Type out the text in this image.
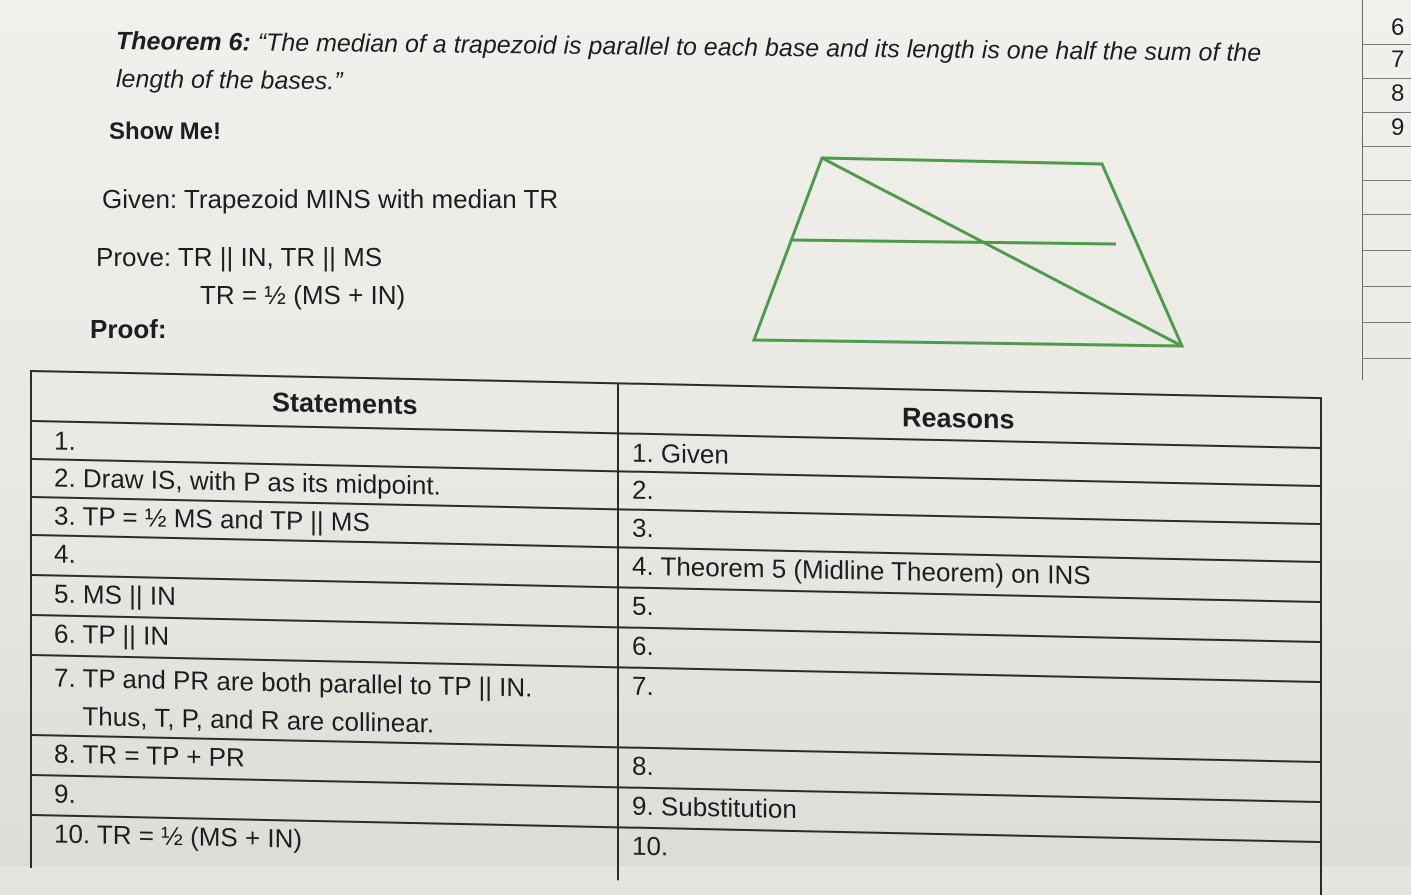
Theorem 6: “The median of a trapezoid is parallel to each base and its length is one half the sum of the length of the bases.”
Show Me!
Given: Trapezoid MINS with median TR
Prove: TR || IN, TR || MS
TR = ½ (MS + IN)
Proof:
6
7
8
9
Statements	Reasons
1.	1. Given
2. Draw IS, with P as its midpoint.	2.
3. TP = ½ MS and TP || MS	3.
4.	4. Theorem 5 (Midline Theorem) on INS
5. MS || IN	5.
6. TP || IN	6.
7. TP and PR are both parallel to TP || IN.
Thus, T, P, and R are collinear.
7.
8. TR = TP + PR	8.
9.	9. Substitution
10. TR = ½ (MS + IN)	10.
